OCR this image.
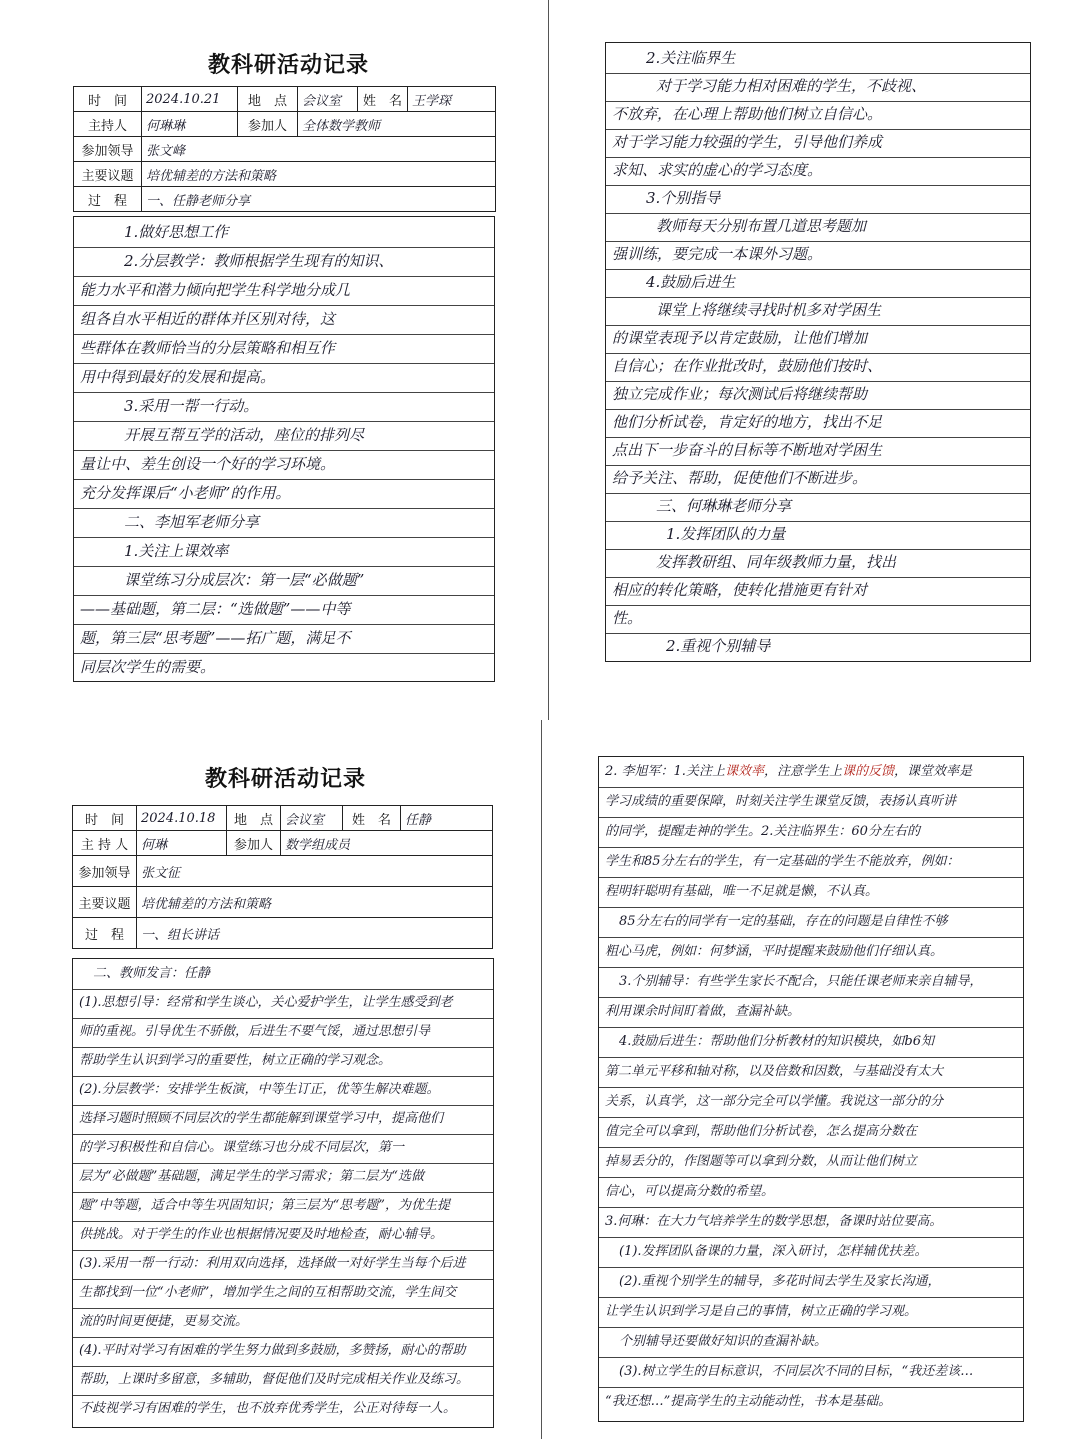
教科研活动记录
时　间	2024.10.21	地　点	会议室	姓　名	王学琛
主持人	何琳琳	参加人	全体数学教师		
参加领导	张文峰				
主要议题	培优辅差的方法和策略				
过　程	一、任静老师分享				
1.做好思想工作
2.分层教学：教师根据学生现有的知识、
能力水平和潜力倾向把学生科学地分成几
组各自水平相近的群体并区别对待，这
些群体在教师恰当的分层策略和相互作
用中得到最好的发展和提高。
3.采用一帮一行动。
开展互帮互学的活动，座位的排列尽
量让中、差生创设一个好的学习环境。
充分发挥课后“小老师”的作用。
二、李旭军老师分享
1.关注上课效率
课堂练习分成层次：第一层“必做题”
——基础题，第二层：“选做题”——中等
题，第三层“思考题”——拓广题，满足不
同层次学生的需要。
2.关注临界生
对于学习能力相对困难的学生，不歧视、
不放弃，在心理上帮助他们树立自信心。
对于学习能力较强的学生，引导他们养成
求知、求实的虚心的学习态度。
3.个别指导
教师每天分别布置几道思考题加
强训练，要完成一本课外习题。
4.鼓励后进生
课堂上将继续寻找时机多对学困生
的课堂表现予以肯定鼓励，让他们增加
自信心；在作业批改时，鼓励他们按时、
独立完成作业；每次测试后将继续帮助
他们分析试卷，肯定好的地方，找出不足
点出下一步奋斗的目标等不断地对学困生
给予关注、帮助，促使他们不断进步。
三、何琳琳老师分享
1.发挥团队的力量
发挥教研组、同年级教师力量，找出
相应的转化策略，使转化措施更有针对
性。
2.重视个别辅导
教科研活动记录
时　间	2024.10.18	地　点	会议室	姓　名	任静
主 持 人	何琳	参加人	数学组成员		
参加领导	张文征				
主要议题	培优辅差的方法和策略				
过　程	一、组长讲话				
二、教师发言：任静
(1).思想引导：经常和学生谈心，关心爱护学生，让学生感受到老
师的重视。引导优生不骄傲，后进生不要气馁，通过思想引导
帮助学生认识到学习的重要性，树立正确的学习观念。
(2).分层教学：安排学生板演，中等生订正，优等生解决难题。
选择习题时照顾不同层次的学生都能解到课堂学习中，提高他们
的学习积极性和自信心。课堂练习也分成不同层次，第一
层为“必做题”基础题，满足学生的学习需求；第二层为“选做
题”中等题，适合中等生巩固知识；第三层为“思考题”，为优生提
供挑战。对于学生的作业也根据情况要及时地检查，耐心辅导。
(3).采用一帮一行动：利用双向选择，选择做一对好学生当每个后进
生都找到一位“小老师”，增加学生之间的互相帮助交流，学生间交
流的时间更便捷，更易交流。
(4).平时对学习有困难的学生努力做到多鼓励，多赞扬，耐心的帮助
帮助，上课时多留意，多辅助，督促他们及时完成相关作业及练习。
不歧视学习有困难的学生，也不放弃优秀学生，公正对待每一人。
2. 李旭军：1.关注上课效率，注意学生上课的反馈，课堂效率是
学习成绩的重要保障，时刻关注学生课堂反馈，表扬认真听讲
的同学，提醒走神的学生。2.关注临界生：60分左右的
学生和85分左右的学生，有一定基础的学生不能放弃，例如：
程明轩聪明有基础，唯一不足就是懒，不认真。
85分左右的同学有一定的基础，存在的问题是自律性不够
粗心马虎，例如：何梦涵，平时提醒来鼓励他们仔细认真。
3.个别辅导：有些学生家长不配合，只能任课老师来亲自辅导，
利用课余时间盯着做，查漏补缺。
4.鼓励后进生：帮助他们分析教材的知识模块，如b6知
第二单元平移和轴对称，以及倍数和因数，与基础没有太大
关系，认真学，这一部分完全可以学懂。我说这一部分的分
值完全可以拿到，帮助他们分析试卷，怎么提高分数在
掉易丢分的，作图题等可以拿到分数，从而让他们树立
信心，可以提高分数的希望。
3.何琳：在大力气培养学生的数学思想，备课时站位要高。
(1).发挥团队备课的力量，深入研讨，怎样辅优扶差。
(2).重视个别学生的辅导，多花时间去学生及家长沟通，
让学生认识到学习是自己的事情，树立正确的学习观。
个别辅导还要做好知识的查漏补缺。
(3).树立学生的目标意识，不同层次不同的目标，“我还差该…
“我还想…”提高学生的主动能动性，书本是基础。
